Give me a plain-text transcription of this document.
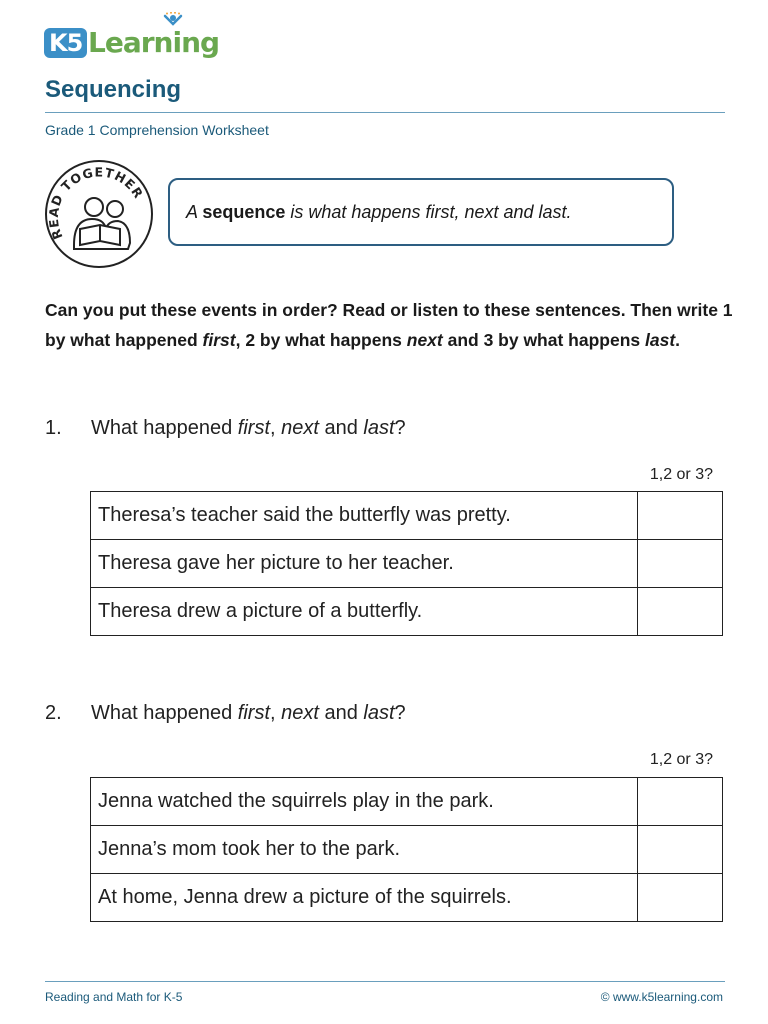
K5 Learning
Sequencing
Grade 1 Comprehension Worksheet
READ TOGETHER
A sequence is what happens first, next and last.
Can you put these events in order? Read or listen to these sentences. Then write 1 by what happened first, 2 by what happens next and 3 by what happens last.
1. What happened first, next and last?
1,2 or 3?
Theresa’s teacher said the butterfly was pretty.	
Theresa gave her picture to her teacher.	
Theresa drew a picture of a butterfly.	
2. What happened first, next and last?
1,2 or 3?
Jenna watched the squirrels play in the park.	
Jenna’s mom took her to the park.	
At home, Jenna drew a picture of the squirrels.	
Reading and Math for K-5	© www.k5learning.com
